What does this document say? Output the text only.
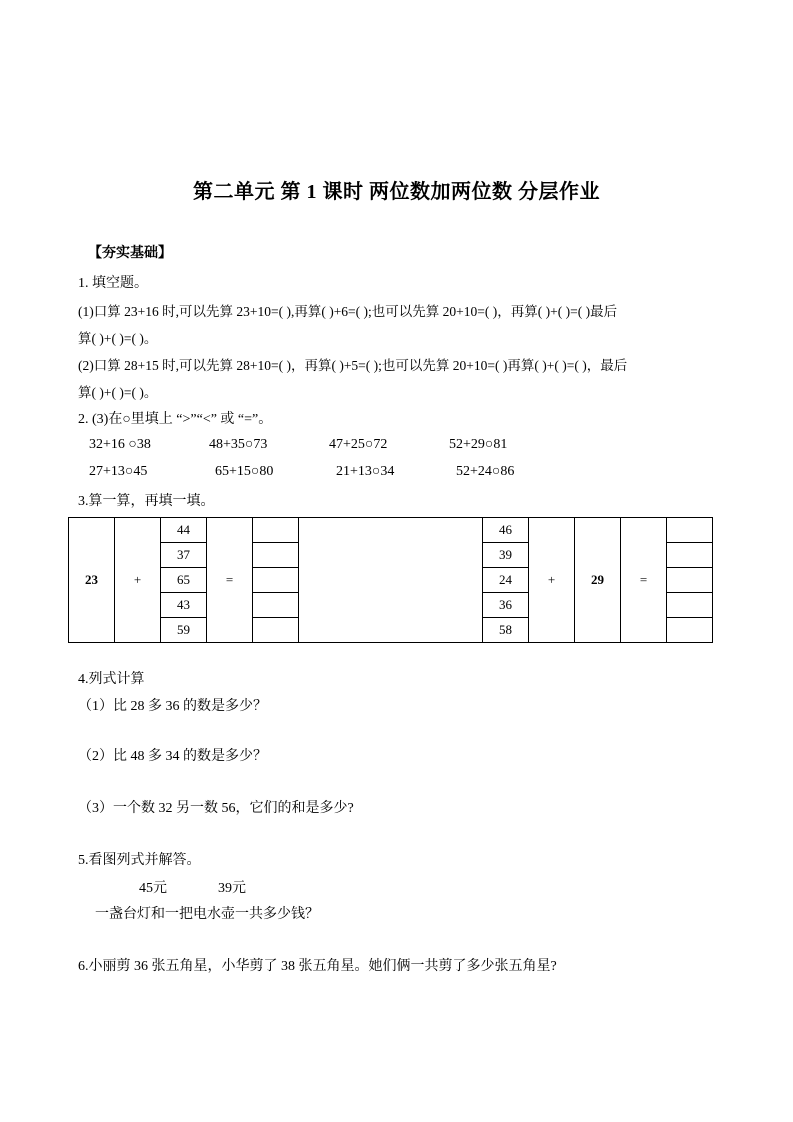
第二单元 第 1 课时 两位数加两位数 分层作业
【夯实基础】
1. 填空题。
(1)口算 23+16 时,可以先算 23+10=( ),再算( )+6=( );也可以先算 20+10=( )，再算( )+( )=( )最后
算( )+( )=( )。
(2)口算 28+15 时,可以先算 28+10=( )，再算( )+5=( );也可以先算 20+10=( )再算( )+( )=( )，最后
算( )+( )=( )。
2. (3)在○里填上 “>”“<” 或 “=”。
32+16 ○38	48+35○73	47+25○72	52+29○81
27+13○45	65+15○80	21+13○34	52+24○86
3.算一算，再填一填。
23	+	44	=			46	+	29	=	
		37				39				
		65				24				
		43				36				
		59				58				
4.列式计算
（1）比 28 多 36 的数是多少？
（2）比 48 多 34 的数是多少？
（3）一个数 32 另一数 56，它们的和是多少?
5.看图列式并解答。
45元	39元
一盏台灯和一把电水壶一共多少钱？
6.小丽剪 36 张五角星，小华剪了 38 张五角星。她们俩一共剪了多少张五角星?
